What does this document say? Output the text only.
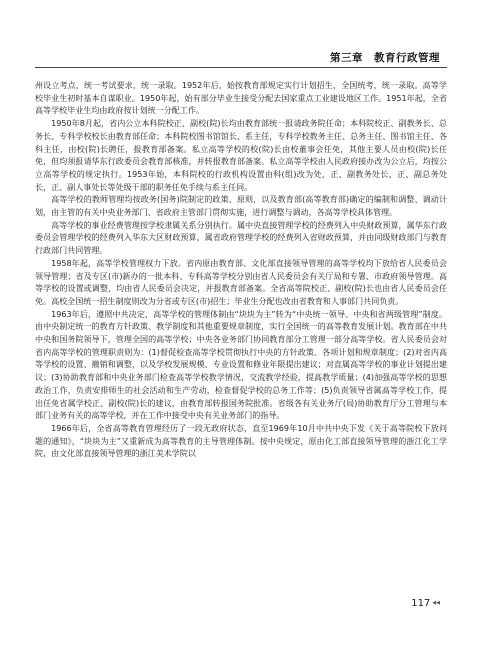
第三章　教育行政管理

州设立考点，统一考试要求，统一录取。1952年后，始按教育部规定实行计划招生，全国统考，统一录取。高等学校毕业生初时基本自谋职业。1950年起，始有部分毕业生接受分配去国家重点工业建设地区工作。1951年起，全省高等学校毕业生均由政府按计划统一分配工作。

1950年8月起，省内公立本科院校正、副校(院)长均由教育部统一报请政务院任命；本科院校正、副教务长、总务长、专科学校校长由教育部任命；本科院校图书馆馆长、系主任，专科学校教务主任、总务主任、图书馆主任、各科主任，由校(院)长聘任，报教育部备案。私立高等学校的校(院)长由校董事会任免，其他主要人员由校(院)长任免，但均须报请华东行政委员会教育部核准，并转报教育部备案。私立高等学校由人民政府接办改为公立后，均按公立高等学校的规定执行。1953年始，本科院校的行政机构设置由科(组)改为处，正、副教务处长，正、副总务处长，正、副人事处长等处级干部的职务任免手续与系主任同。

高等学校的教师管理均按政务(国务)院制定的政策、原则，以及教育部(高等教育部)确定的编制和调整、调动计划，由主管的有关中央业务部门、省政府主管部门贯彻实施，进行调整与调动，各高等学校具体管理。

高等学校的事业经费管理按学校隶属关系分别执行。属中央直接管理学校的经费列入中央财政预算，属华东行政委员会管理学校的经费列入华东大区财政预算，属省政府管理学校的经费列入省财政预算，并由同级财政部门与教育行政部门共同管理。

1958年起，高等学校管理权力下放。省内原由教育部、文化部直接领导管理的高等学校均下放给省人民委员会领导管理；省及专区(市)新办的一批本科、专科高等学校分别由省人民委员会有关厅局和专署、市政府领导管理。高等学校的设置或调整，均由省人民委员会决定，并报教育部备案。全省高等院校正、副校(院)长也由省人民委员会任免。高校全国统一招生制度则改为分省或专区(市)招生；毕业生分配也改由省教育和人事部门共同负责。

1963年后，遵照中共决定，高等学校的管理体制由“块块为主”转为“中央统一领导、中央和省两级管理”制度。由中央制定统一的教育方针政策、教学制度和其他重要规章制度，实行全国统一的高等教育发展计划。教育部在中共中央和国务院领导下，管理全国的高等学校；中央各业务部门协同教育部分工管理一部分高等学校。省人民委员会对省内高等学校的管理职责则为：(1)督促检查高等学校贯彻执行中央的方针政策、各项计划和规章制度；(2)对省内高等学校的设置、撤销和调整，以及学校发展规模、专业设置和修业年限提出建议；对直属高等学校的事业计划提出建议；(3)协助教育部和中央业务部门检查高等学校教学情况，交流教学经验，提高教学质量；(4)加强高等学校的思想政治工作，负责安排师生的社会活动和生产劳动，检查督促学校的总务工作等；(5)负责领导省属高等学校工作，提出任免省属学校正、副校(院)长的建议，由教育部转报国务院批准。省级各有关业务厅(局)协助教育厅分工管理与本部门业务有关的高等学校，并在工作中接受中央有关业务部门的指导。

1966年后，全省高等教育管理经历了一段无政府状态，直至1969年10月中共中央下发《关于高等院校下放问题的通知》，“块块为主”又重新成为高等教育的主导管理体制。按中央规定，原由化工部直接领导管理的浙江化工学院，由文化部直接领导管理的浙江美术学院以

117 ◀◀
